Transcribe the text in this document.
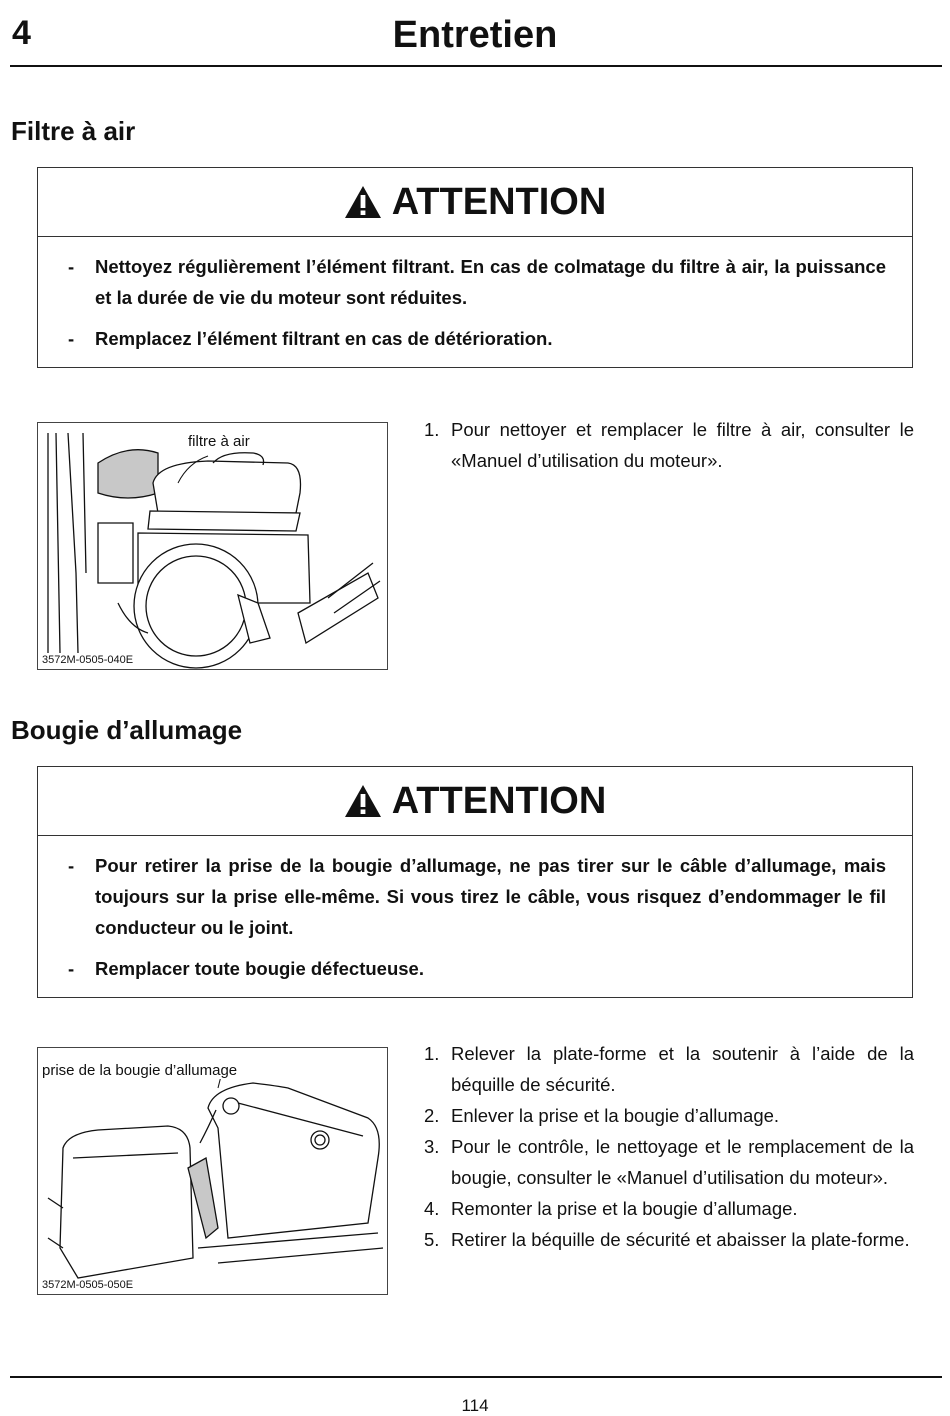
4	Entretien
Filtre à air
ATTENTION
-	Nettoyez régulièrement l’élément filtrant. En cas de colmatage du filtre à air, la puissance et la durée de vie du moteur sont réduites.
-	Remplacez l’élément filtrant en cas de détérioration.
filtre à air
3572M-0505-040E
1. Pour nettoyer et remplacer le filtre à air, consulter le «Manuel d’utilisation du moteur».
Bougie d’allumage
ATTENTION
-	Pour retirer la prise de la bougie d’allumage, ne pas tirer sur le câble d’allumage, mais toujours sur la prise elle-même. Si vous tirez le câble, vous risquez d’endommager le fil conducteur ou le joint.
-	Remplacer toute bougie défectueuse.
prise de la bougie d’allumage
3572M-0505-050E
1. Relever la plate-forme et la soutenir à l’aide de la béquille de sécurité.
2. Enlever la prise et la bougie d’allumage.
3. Pour le contrôle, le nettoyage et le remplacement de la bougie, consulter le «Manuel d’utilisation du moteur».
4. Remonter la prise et la bougie d’allumage.
5. Retirer la béquille de sécurité et abaisser la plate-forme.
114
